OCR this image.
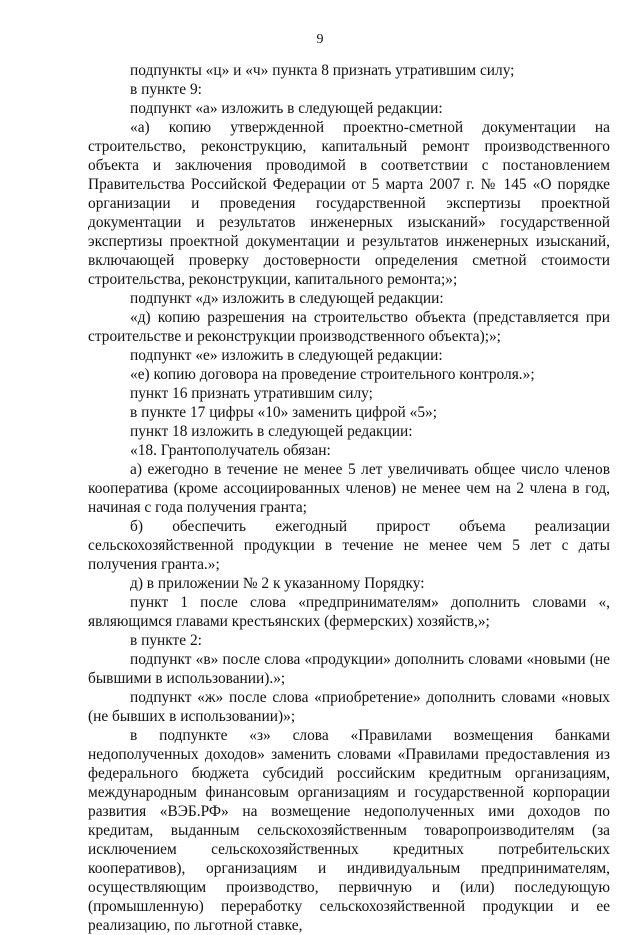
9

подпункты «ц» и «ч» пункта 8 признать утратившим силу;

в пункте 9:

подпункт «а» изложить в следующей редакции:

«а) копию утвержденной проектно-сметной документации на строительство, реконструкцию, капитальный ремонт производственного объекта и заключения проводимой в соответствии с постановлением Правительства Российской Федерации от 5 марта 2007 г. № 145 «О порядке организации и проведения государственной экспертизы проектной документации и результатов инженерных изысканий» государственной экспертизы проектной документации и результатов инженерных изысканий, включающей проверку достоверности определения сметной стоимости строительства, реконструкции, капитального ремонта;»;

подпункт «д» изложить в следующей редакции:

«д) копию разрешения на строительство объекта (представляется при строительстве и реконструкции производственного объекта);»;

подпункт «е» изложить в следующей редакции:

«е) копию договора на проведение строительного контроля.»;

пункт 16 признать утратившим силу;

в пункте 17 цифры «10» заменить цифрой «5»;

пункт 18 изложить в следующей редакции:

«18. Грантополучатель обязан:

а) ежегодно в течение не менее 5 лет увеличивать общее число членов кооператива (кроме ассоциированных членов) не менее чем на 2 члена в год, начиная с года получения гранта;

б) обеспечить ежегодный прирост объема реализации сельскохозяйственной продукции в течение не менее чем 5 лет с даты получения гранта.»;

д) в приложении № 2 к указанному Порядку:

пункт 1 после слова «предпринимателям» дополнить словами «, являющимся главами крестьянских (фермерских) хозяйств,»;

в пункте 2:

подпункт «в» после слова «продукции» дополнить словами «новыми (не бывшими в использовании).»;

подпункт «ж» после слова «приобретение» дополнить словами «новых (не бывших в использовании)»;

в подпункте «з» слова «Правилами возмещения банками недополученных доходов» заменить словами «Правилами предоставления из федерального бюджета субсидий российским кредитным организациям, международным финансовым организациям и государственной корпорации развития «ВЭБ.РФ» на возмещение недополученных ими доходов по кредитам, выданным сельскохозяйственным товаропроизводителям (за исключением сельскохозяйственных кредитных потребительских кооперативов), организациям и индивидуальным предпринимателям, осуществляющим производство, первичную и (или) последующую (промышленную) переработку сельскохозяйственной продукции и ее реализацию, по льготной ставке,
